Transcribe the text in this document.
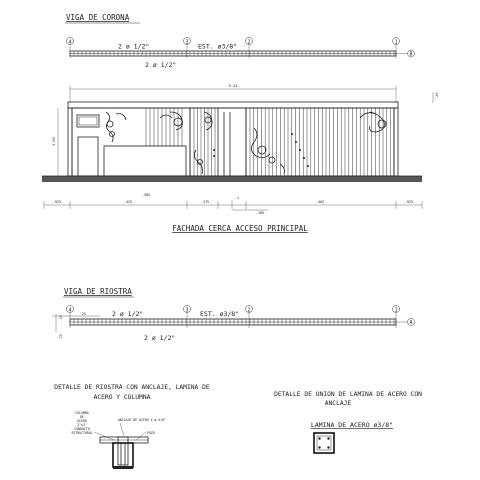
VIGA DE CORONA
4	3	2	1
B
2 ø 1/2"	EST. ø3/8"
2 ø 1/2"
5.24
.20
3.00
.025	.425
.305
.175
.1
.403	.025
.185
FACHADA CERCA ACCESO PRINCIPAL
VIGA DE RIOSTRA
4	3	2	1
A
.25
.25
.25
2 ø 1/2"	EST. ø3/8"
2 ø 1/2"
DETALLE DE RIOSTRA CON ANCLAJE, LAMINA DE
ACERO Y COLUMNA
COLUMNA
DE
ACERO
2"x2"
CONDUCTO
ESTRUCTURAL
ANCLAJE DE ACERO 4 ø 5/8"
POZO
DETALLE DE UNION DE LAMINA DE ACERO CON
ANCLAJE
LAMINA DE ACERO ø3/8"
